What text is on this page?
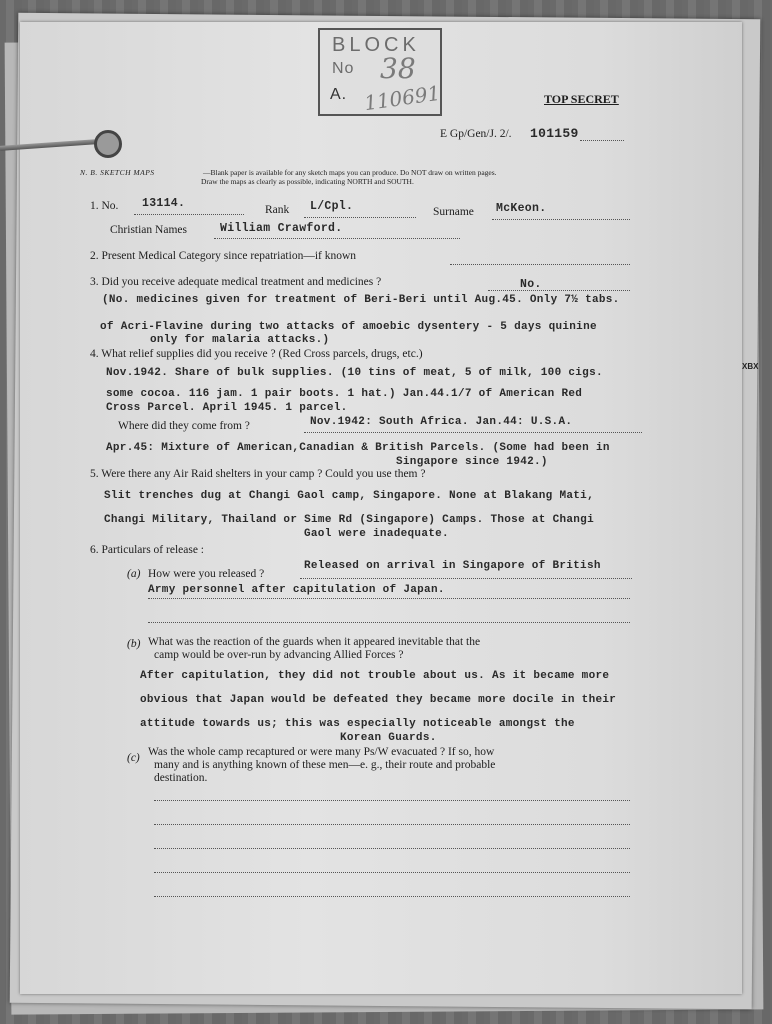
BLOCK
No 38
A. 110691	TOP SECRET
E Gp/Gen/J. 2/. 101159
N. B. SKETCH MAPS	—Blank paper is available for any sketch maps you can produce. Do NOT draw on written pages.
Draw the maps as clearly as possible, indicating NORTH and SOUTH.
1. No. 13114.	Rank L/Cpl.	Surname McKeon.
Christian Names	William Crawford.
2. Present Medical Category since repatriation—if known
3. Did you receive adequate medical treatment and medicines ?	No.
(No. medicines given for treatment of Beri-Beri until Aug.45. Only 7½ tabs.
of Acri-Flavine during two attacks of amoebic dysentery - 5 days quinine
only for malaria attacks.)
4. What relief supplies did you receive ? (Red Cross parcels, drugs, etc.)
Nov.1942. Share of bulk supplies. (10 tins of meat, 5 of milk, 100 cigs.
some cocoa. 116 jam. 1 pair boots. 1 hat.) Jan.44.1/7 of American Red
Cross Parcel. April 1945. 1 parcel.
Where did they come from ?	Nov.1942: South Africa. Jan.44: U.S.A.
Apr.45: Mixture of American,Canadian & British Parcels. (Some had been in
Singapore since 1942.)
5. Were there any Air Raid shelters in your camp ? Could you use them ?
Slit trenches dug at Changi Gaol camp, Singapore. None at Blakang Mati,
Changi Military, Thailand or Sime Rd (Singapore) Camps. Those at Changi
Gaol were inadequate.
6. Particulars of release :
(a) How were you released ?
Released on arrival in Singapore of British
Army personnel after capitulation of Japan.
(b) What was the reaction of the guards when it appeared inevitable that the
camp would be over-run by advancing Allied Forces ?
After capitulation, they did not trouble about us. As it became more
obvious that Japan would be defeated they became more docile in their
attitude towards us; this was especially noticeable amongst the
Korean Guards.
(c) Was the whole camp recaptured or were many Ps/W evacuated ? If so, how
many and is anything known of these men—e. g., their route and probable
destination.
XBX
